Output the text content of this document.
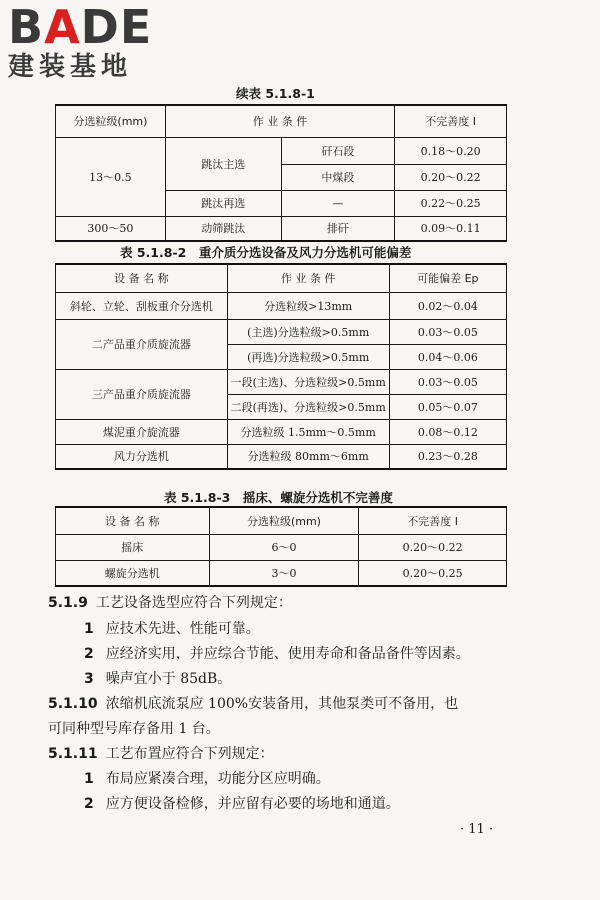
BADE
建装基地
续表 5.1.8-1
分选粒级(mm)	作 业 条 件		不完善度 I
13～0.5	跳汰主选	矸石段	0.18～0.20
		中煤段	0.20～0.22
	跳汰再选	—	0.22～0.25
300～50	动筛跳汰	排矸	0.09～0.11
表 5.1.8-2　重介质分选设备及风力分选机可能偏差
设 备 名 称	作 业 条 件	可能偏差 Ep
斜轮、立轮、刮板重介分选机	分选粒级>13mm	0.02～0.04
二产品重介质旋流器	(主选)分选粒级>0.5mm	0.03～0.05
	(再选)分选粒级>0.5mm	0.04～0.06
三产品重介质旋流器	一段(主选)、分选粒级>0.5mm	0.03～0.05
	二段(再选)、分选粒级>0.5mm	0.05～0.07
煤泥重介旋流器	分选粒级 1.5mm～0.5mm	0.08～0.12
风力分选机	分选粒级 80mm～6mm	0.23～0.28
表 5.1.8-3　摇床、螺旋分选机不完善度
设 备 名 称	分选粒级(mm)	不完善度 I
摇床	6～0	0.20～0.22
螺旋分选机	3～0	0.20～0.25
5.1.9 工艺设备选型应符合下列规定：
1 应技术先进、性能可靠。
2 应经济实用，并应综合节能、使用寿命和备品备件等因素。
3 噪声宜小于 85dB。
5.1.10 浓缩机底流泵应 100%安装备用，其他泵类可不备用，也
可同种型号库存备用 1 台。
5.1.11 工艺布置应符合下列规定：
1 布局应紧凑合理，功能分区应明确。
2 应方便设备检修，并应留有必要的场地和通道。
· 11 ·
